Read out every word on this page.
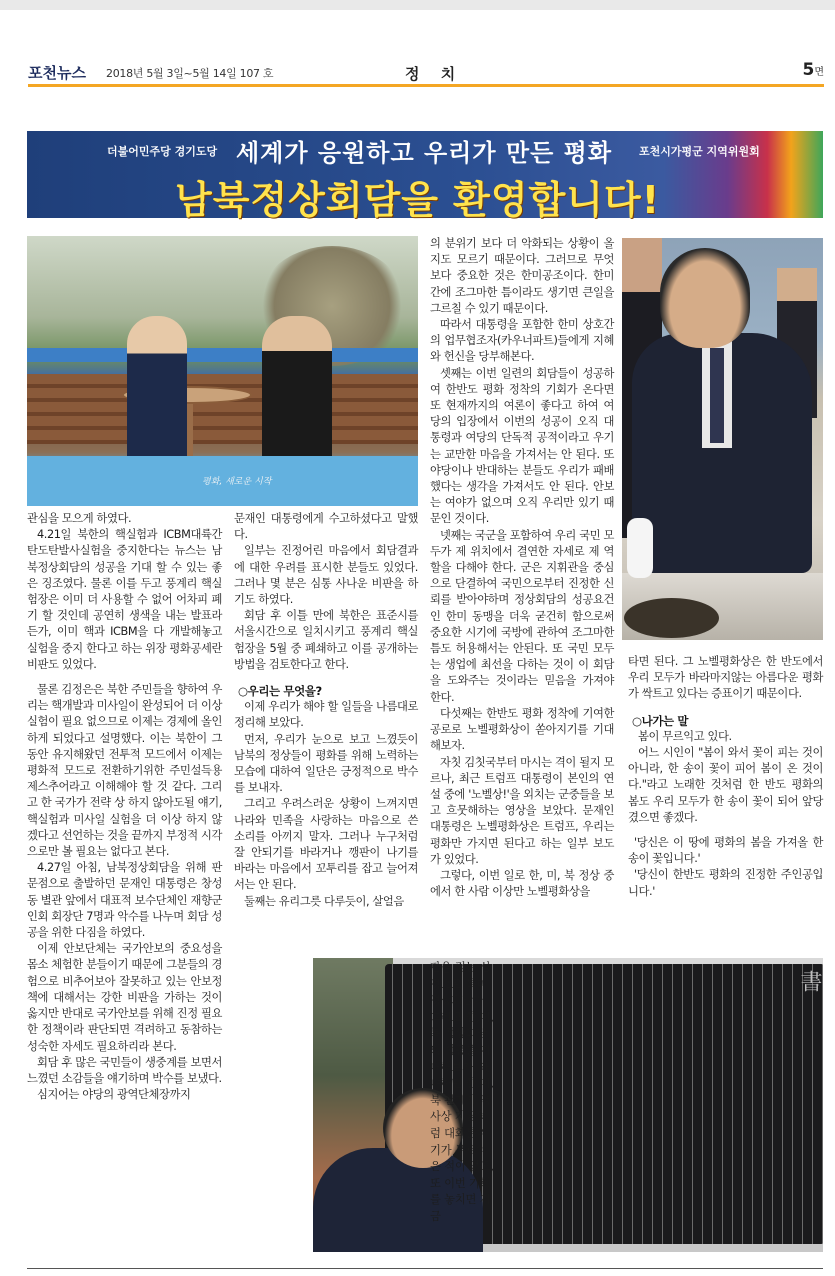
포천뉴스 2018년 5월 3일~5월 14일 107 호	정 치	5면
더불어민주당 경기도당 세계가 응원하고 우리가 만든 평화 포천시가평군 지역위원회
남북정상회담을 환영합니다!
평화, 새로운 시작
書

관심을 모으게 하였다.

4.21일 북한의 핵실험과 ICBM대륙간 탄도탄발사실험을 중지한다는 뉴스는 남북정상회담의 성공을 기대 할 수 있는 좋은 징조였다. 물론 이를 두고 풍계리 핵실험장은 이미 더 사용할 수 없어 어차피 폐기 할 것인데 공연히 생색을 내는 발표라든가, 이미 핵과 ICBM을 다 개발해놓고 실험을 중지 한다고 하는 위장 평화공세란 비판도 있었다.

물론 김정은은 북한 주민들을 향하여 우리는 핵개발과 미사일이 완성되어 더 이상 실험이 필요 없으므로 이제는 경제에 올인 하게 되었다고 설명했다. 이는 북한이 그동안 유지해왔던 전투적 모드에서 이제는 평화적 모드로 전환하기위한 주민설득용 제스추어라고 이해해야 할 것 같다. 그리고 한 국가가 전략 상 하지 않아도될 얘기, 핵실험과 미사일 실험을 더 이상 하지 않겠다고 선언하는 것을 끝까지 부정적 시각으로만 볼 필요는 없다고 본다.

4.27일 아침, 남북정상회담을 위해 판문점으로 출발하던 문재인 대통령은 창성동 별관 앞에서 대표적 보수단체인 재향군인회 회장단 7명과 악수를 나누며 회담 성공을 위한 다짐을 하였다.

이제 안보단체는 국가안보의 중요성을 몸소 체험한 분들이기 때문에 그분들의 경험으로 비추어보아 잘못하고 있는 안보정책에 대해서는 강한 비판을 가하는 것이 옳지만 반대로 국가안보를 위해 진정 필요한 정책이라 판단되면 격려하고 동참하는 성숙한 자세도 필요하리라 본다.

회담 후 많은 국민들이 생중계를 보면서 느꼈던 소감들을 얘기하며 박수를 보냈다.

심지어는 야당의 광역단체장까지

문재인 대통령에게 수고하셨다고 말했다.

일부는 진정어린 마음에서 회담결과에 대한 우려를 표시한 분들도 있었다. 그러나 몇 분은 심통 사나운 비판을 하기도 하였다.

회담 후 이틀 만에 북한은 표준시를 서울시간으로 일치시키고 풍계리 핵실험장을 5월 중 폐쇄하고 이를 공개하는 방법을 검토한다고 한다.

○우리는 무엇을?

이제 우리가 해야 할 일들을 나름대로 정리해 보았다.

먼저, 우리가 눈으로 보고 느꼈듯이 남북의 정상들이 평화를 위해 노력하는 모습에 대하여 일단은 긍정적으로 박수를 보내자.

그리고 우려스러운 상황이 느껴지면 나라와 민족을 사랑하는 마음으로 쓴 소리를 아끼지 말자. 그러나 누구처럼 잘 안되기를 바라거나 깽판이 나기를 바라는 마음에서 꼬투리를 잡고 늘어져서는 안 된다.

둘째는 유리그릇 다루듯이, 살얼음

의 분위기 보다 더 악화되는 상황이 올지도 모르기 때문이다. 그러므로 무엇보다 중요한 것은 한미공조이다. 한미 간에 조그마한 틈이라도 생기면 큰일을 그르칠 수 있기 때문이다.

따라서 대통령을 포함한 한미 상호간의 업무협조자(카우너파트)들에게 지혜와 헌신을 당부해본다.

셋째는 이번 일련의 회담들이 성공하여 한반도 평화 정착의 기회가 온다면 또 현재까지의 여론이 좋다고 하여 여당의 입장에서 이번의 성공이 오직 대통령과 여당의 단독적 공적이라고 우기는 교만한 마음을 가져서는 안 된다. 또 야당이나 반대하는 분들도 우리가 패배했다는 생각을 가져서도 안 된다. 안보는 여야가 없으며 오직 우리만 있기 때문인 것이다.

넷째는 국군을 포함하여 우리 국민 모두가 제 위치에서 결연한 자세로 제 역할을 다해야 한다. 군은 지휘관을 중심으로 단결하여 국민으로부터 진정한 신뢰를 받아야하며 정상회담의 성공요건인 한미 동맹을 더욱 굳건히 함으로써 중요한 시기에 국방에 관하여 조그마한 틈도 허용해서는 안된다. 또 국민 모두는 생업에 최선을 다하는 것이 이 회담을 도와주는 것이라는 믿음을 가져야 한다.

다섯째는 한반도 평화 정착에 기여한 공로로 노벨평화상이 쏟아지기를 기대해보자.

자칫 김칫국부터 마시는 격이 될지 모르나, 최근 트럼프 대통령이 본인의 연설 중에 '노벨상!'을 외치는 군중들을 보고 흐뭇해하는 영상을 보았다. 문재인 대통령은 노벨평화상은 트럼프, 우리는 평화만 가지면 된다고 하는 일부 보도가 있었다.

그렇다, 이번 일로 한, 미, 북 정상 중에서 한 사람 이상만 노벨평화상을

판을 걷는 심정으로 북미정상회담과 그리고 한,미,북 정상회담의 성공을 기대해보자. 왜냐하면 한,미,북 관계가 역사상 지금처럼 대화분위기가 무르익은 적이 없고, 또 이번 기회를 놓치면 지금

타면 된다. 그 노벨평화상은 한 반도에서 우리 모두가 바라마지않는 아름다운 평화가 싹트고 있다는 증표이기 때문이다.

○나가는 말

봄이 무르익고 있다.

어느 시인이 "봄이 와서 꽃이 피는 것이 아니라, 한 송이 꽃이 피어 봄이 온 것이다."라고 노래한 것처럼 한 반도 평화의 봄도 우리 모두가 한 송이 꽃이 되어 앞당겼으면 좋겠다.

'당신은 이 땅에 평화의 봄을 가져올 한 송이 꽃입니다.'

'당신이 한반도 평화의 진정한 주인공입니다.'
